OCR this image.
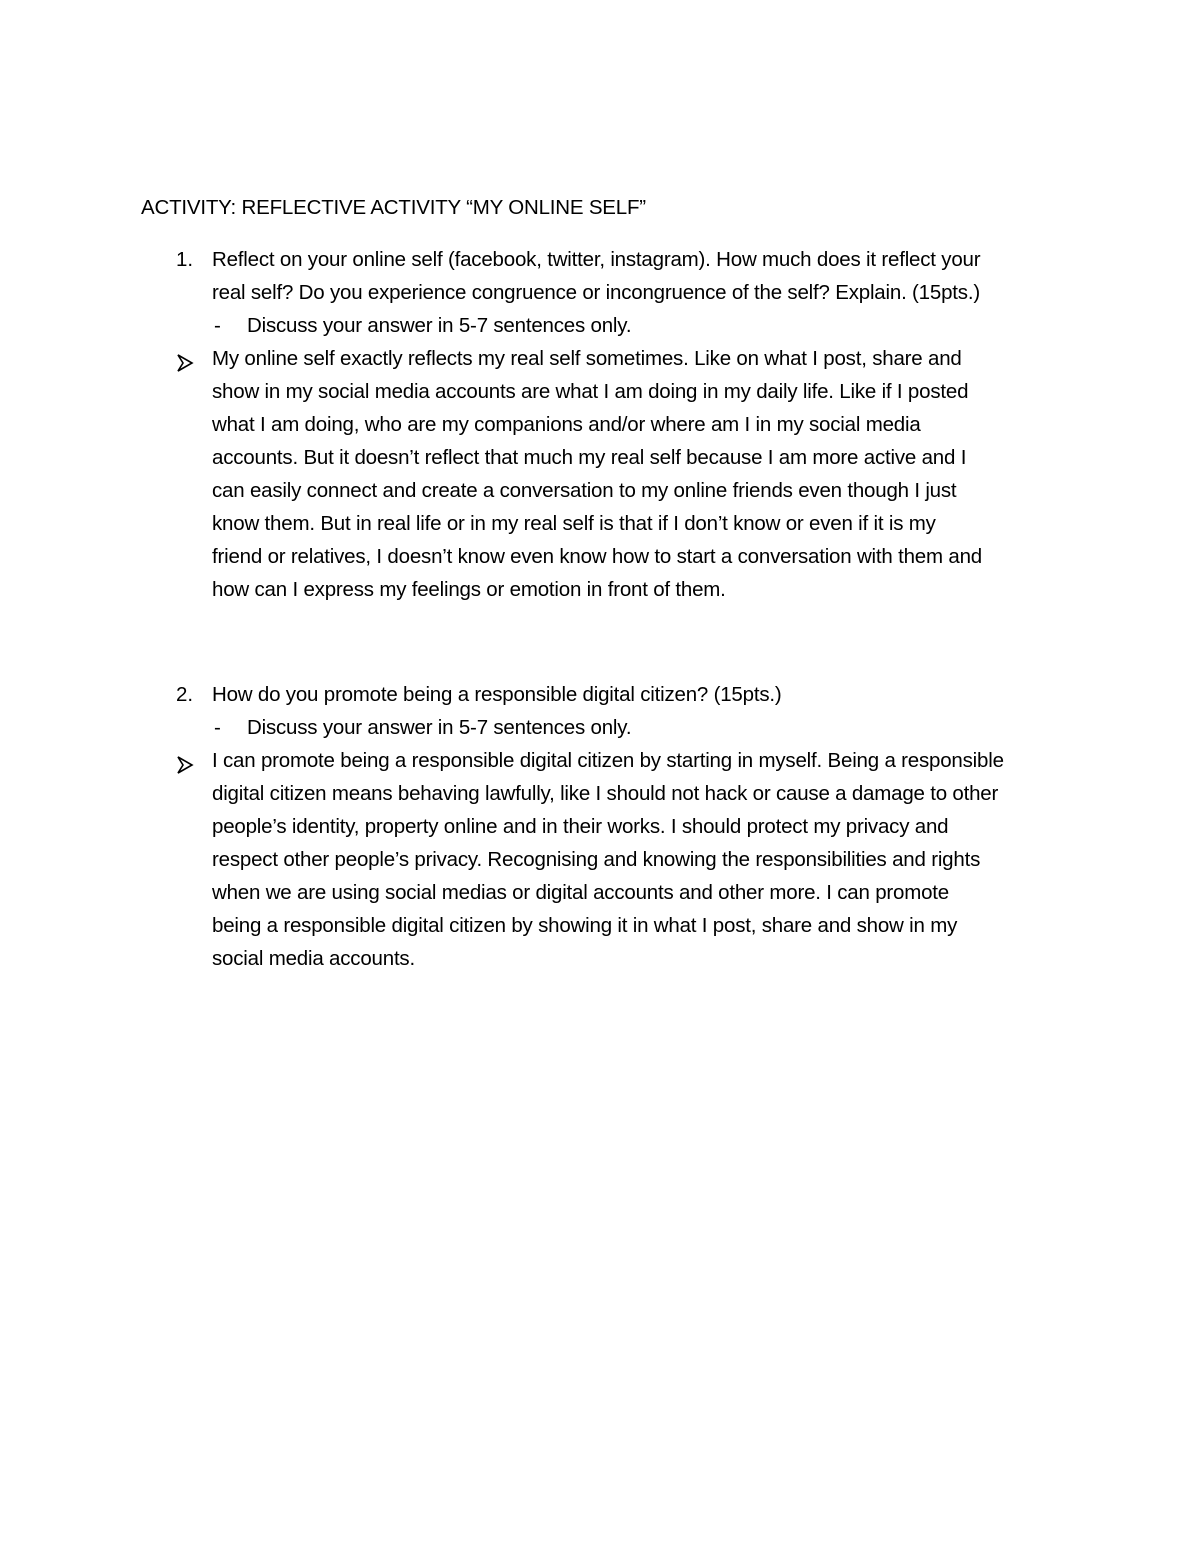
ACTIVITY: REFLECTIVE ACTIVITY “MY ONLINE SELF”
1. Reflect on your online self (facebook, twitter, instagram). How much does it reflect your
real self? Do you experience congruence or incongruence of the self? Explain. (15pts.)
- Discuss your answer in 5-7 sentences only.
My online self exactly reflects my real self sometimes. Like on what I post, share and
show in my social media accounts are what I am doing in my daily life. Like if I posted
what I am doing, who are my companions and/or where am I in my social media
accounts. But it doesn’t reflect that much my real self because I am more active and I
can easily connect and create a conversation to my online friends even though I just
know them. But in real life or in my real self is that if I don’t know or even if it is my
friend or relatives, I doesn’t know even know how to start a conversation with them and
how can I express my feelings or emotion in front of them.
2. How do you promote being a responsible digital citizen? (15pts.)
- Discuss your answer in 5-7 sentences only.
I can promote being a responsible digital citizen by starting in myself. Being a responsible
digital citizen means behaving lawfully, like I should not hack or cause a damage to other
people’s identity, property online and in their works. I should protect my privacy and
respect other people’s privacy. Recognising and knowing the responsibilities and rights
when we are using social medias or digital accounts and other more. I can promote
being a responsible digital citizen by showing it in what I post, share and show in my
social media accounts.
